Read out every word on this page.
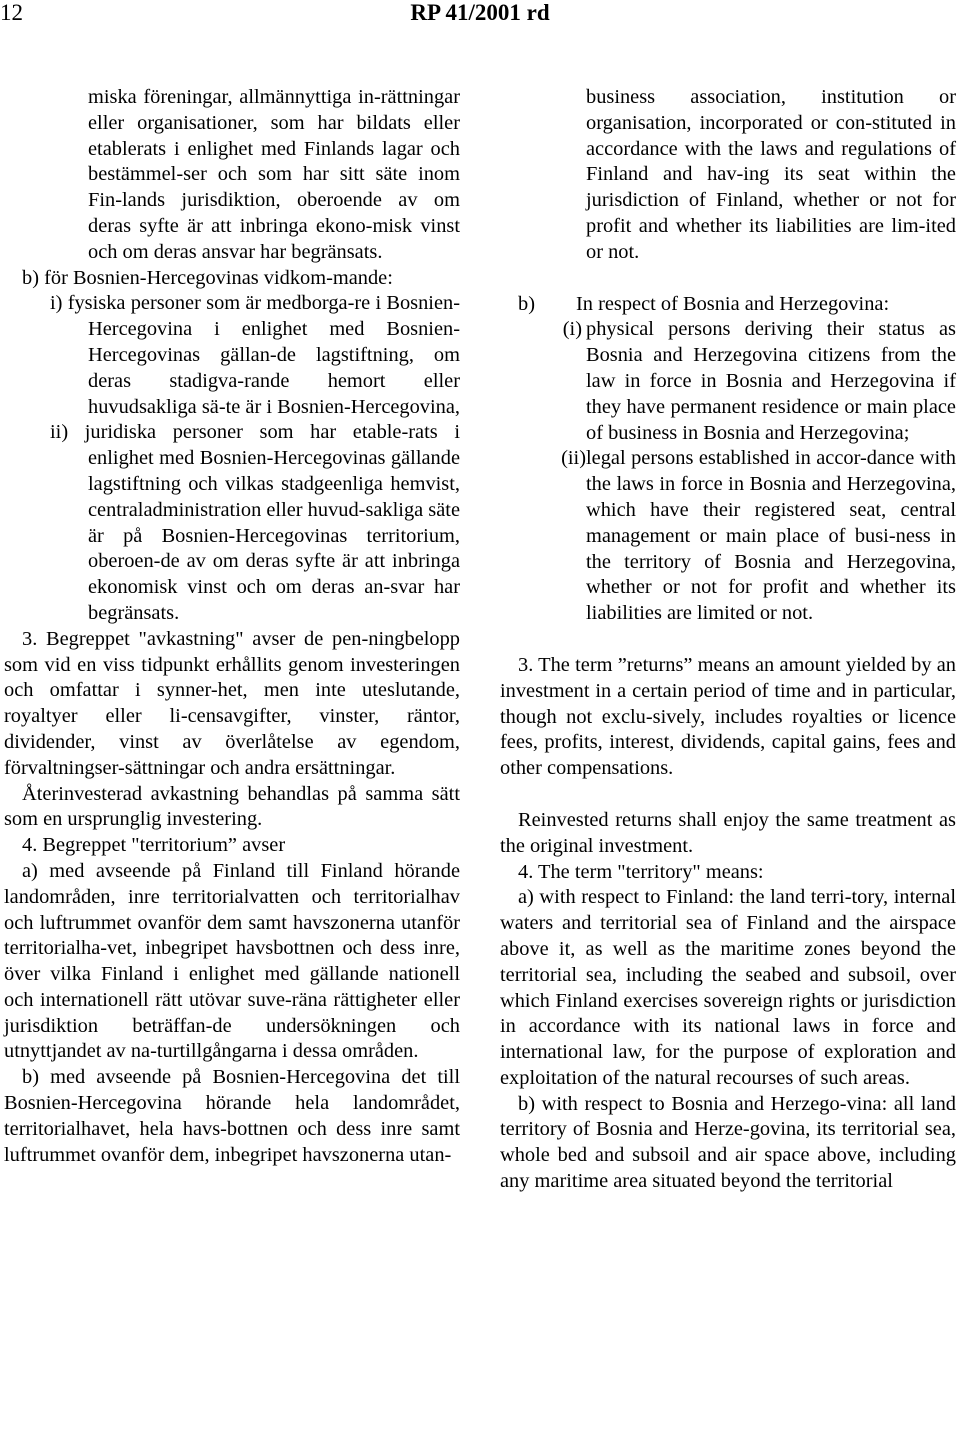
12	RP 41/2001 rd

miska föreningar, allmännyttiga in-rättningar eller organisationer, som har bildats eller etablerats i enlighet med Finlands lagar och bestämmel-ser och som har sitt säte inom Fin-lands jurisdiktion, oberoende av om deras syfte är att inbringa ekono-misk vinst och om deras ansvar har begränsats.

b) för Bosnien-Hercegovinas vidkom-mande:

i) fysiska personer som är medborga-re i Bosnien-Hercegovina i enlighet med Bosnien-Hercegovinas gällan-de lagstiftning, om deras stadigva-rande hemort eller huvudsakliga sä-te är i Bosnien-Hercegovina,

ii) juridiska personer som har etable-rats i enlighet med Bosnien-Hercegovinas gällande lagstiftning och vilkas stadgeenliga hemvist, centraladministration eller huvud-sakliga säte är på Bosnien-Hercegovinas territorium, oberoen-de av om deras syfte är att inbringa ekonomisk vinst och om deras an-svar har begränsats.

3. Begreppet "avkastning" avser de pen-ningbelopp som vid en viss tidpunkt erhållits genom investeringen och omfattar i synner-het, men inte uteslutande, royaltyer eller li-censavgifter, vinster, räntor, dividender, vinst av överlåtelse av egendom, förvaltningser-sättningar och andra ersättningar.

Återinvesterad avkastning behandlas på samma sätt som en ursprunglig investering.

4. Begreppet "territorium” avser

a) med avseende på Finland till Finland hörande landområden, inre territorialvatten och territorialhav och luftrummet ovanför dem samt havszonerna utanför territorialha-vet, inbegripet havsbottnen och dess inre, över vilka Finland i enlighet med gällande nationell och internationell rätt utövar suve-räna rättigheter eller jurisdiktion beträffan-de undersökningen och utnyttjandet av na-turtillgångarna i dessa områden.

b) med avseende på Bosnien-Hercegovina det till Bosnien-Hercegovina hörande hela landområdet, territorialhavet, hela havs-bottnen och dess inre samt luftrummet ovanför dem, inbegripet havszonerna utan-

business association, institution or organisation, incorporated or con-stituted in accordance with the laws and regulations of Finland and hav-ing its seat within the jurisdiction of Finland, whether or not for profit and whether its liabilities are lim-ited or not.

b)	In respect of Bosnia and Herzegovina:
(i) physical persons deriving their status as Bosnia and Herzegovina citizens from the law in force in Bosnia and Herzegovina if they have permanent residence or main place of business in Bosnia and Herzegovina;
(ii) legal persons established in accor-dance with the laws in force in Bosnia and Herzegovina, which have their registered seat, central management or main place of busi-ness in the territory of Bosnia and Herzegovina, whether or not for profit and whether its liabilities are limited or not.

3. The term ”returns” means an amount yielded by an investment in a certain period of time and in particular, though not exclu-sively, includes royalties or licence fees, profits, interest, dividends, capital gains, fees and other compensations.

Reinvested returns shall enjoy the same treatment as the original investment.

4. The term "territory" means:

a) with respect to Finland: the land terri-tory, internal waters and territorial sea of Finland and the airspace above it, as well as the maritime zones beyond the territorial sea, including the seabed and subsoil, over which Finland exercises sovereign rights or jurisdiction in accordance with its national laws in force and international law, for the purpose of exploration and exploitation of the natural recourses of such areas.

b) with respect to Bosnia and Herzego-vina: all land territory of Bosnia and Herze-govina, its territorial sea, whole bed and subsoil and air space above, including any maritime area situated beyond the territorial
